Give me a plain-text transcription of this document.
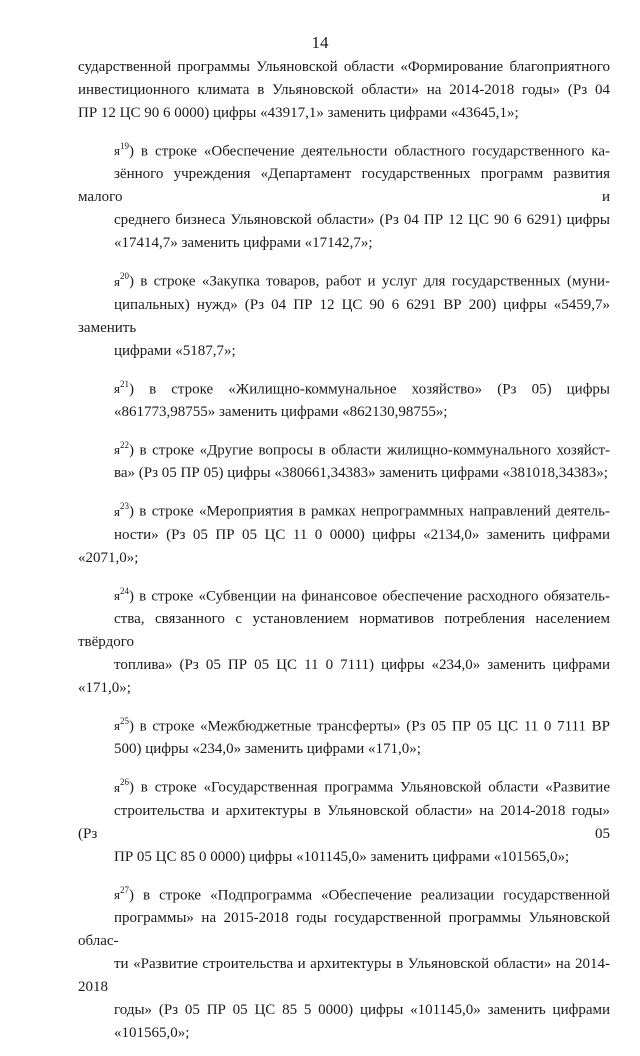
14

сударственной программы Ульяновской области «Формирование благоприятного
инвестиционного климата в Ульяновской области» на 2014-2018 годы» (Рз 04
ПР 12 ЦС 90 6 0000) цифры «43917,1» заменить цифрами «43645,1»;

$я^{19}$) в строке «Обеспечение деятельности областного государственного ка-
зённого учреждения «Департамент государственных программ развития малого и
среднего бизнеса Ульяновской области» (Рз 04 ПР 12 ЦС 90 6 6291) цифры
«17414,7» заменить цифрами «17142,7»;

$я^{20}$) в строке «Закупка товаров, работ и услуг для государственных (муни-
ципальных) нужд» (Рз 04 ПР 12 ЦС 90 6 6291 ВР 200) цифры «5459,7» заменить
цифрами «5187,7»;

$я^{21}$) в строке «Жилищно-коммунальное хозяйство» (Рз 05) цифры
«861773,98755» заменить цифрами «862130,98755»;

$я^{22}$) в строке «Другие вопросы в области жилищно-коммунального хозяйст-
ва» (Рз 05 ПР 05) цифры «380661,34383» заменить цифрами «381018,34383»;

$я^{23}$) в строке «Мероприятия в рамках непрограммных направлений деятель-
ности» (Рз 05 ПР 05 ЦС 11 0 0000) цифры «2134,0» заменить цифрами «2071,0»;

$я^{24}$) в строке «Субвенции на финансовое обеспечение расходного обязатель-
ства, связанного с установлением нормативов потребления населением твёрдого
топлива» (Рз 05 ПР 05 ЦС 11 0 7111) цифры «234,0» заменить цифрами «171,0»;

$я^{25}$) в строке «Межбюджетные трансферты» (Рз 05 ПР 05 ЦС 11 0 7111 ВР
500) цифры «234,0» заменить цифрами «171,0»;

$я^{26}$) в строке «Государственная программа Ульяновской области «Развитие
строительства и архитектуры в Ульяновской области» на 2014-2018 годы» (Рз 05
ПР 05 ЦС 85 0 0000) цифры «101145,0» заменить цифрами «101565,0»;

$я^{27}$) в строке «Подпрограмма «Обеспечение реализации государственной
программы» на 2015-2018 годы государственной программы Ульяновской облас-
ти «Развитие строительства и архитектуры в Ульяновской области» на 2014-2018
годы» (Рз 05 ПР 05 ЦС 85 5 0000) цифры «101145,0» заменить цифрами
«101565,0»;
